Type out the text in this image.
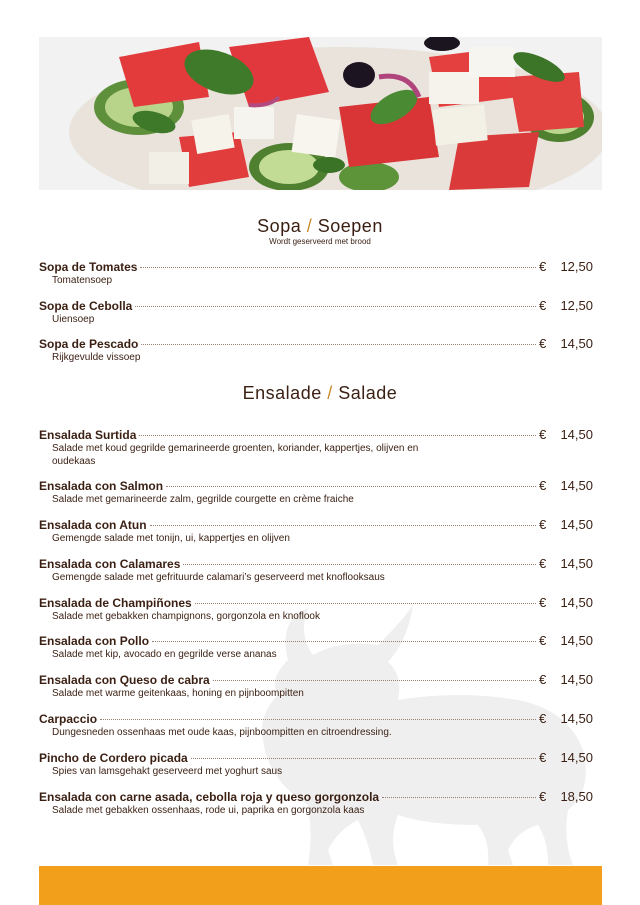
Sopa / Soepen
Wordt geserveerd met brood
Sopa de Tomates	€	12,50
Tomatensoep
Sopa de Cebolla	€	12,50
Uiensoep
Sopa de Pescado	€	14,50
Rijkgevulde vissoep
Ensalade / Salade
Ensalada Surtida	€	14,50
Salade met koud gegrilde gemarineerde groenten, koriander, kappertjes, olijven en oudekaas
Ensalada con Salmon	€	14,50
Salade met gemarineerde zalm, gegrilde courgette en crème fraiche
Ensalada con Atun	€	14,50
Gemengde salade met tonijn, ui, kappertjes en olijven
Ensalada con Calamares	€	14,50
Gemengde salade met gefrituurde calamari’s geserveerd met knoflooksaus
Ensalada de Champiñones	€	14,50
Salade met gebakken champignons, gorgonzola en knoflook
Ensalada con Pollo	€	14,50
Salade met kip, avocado en gegrilde verse ananas
Ensalada con Queso de cabra	€	14,50
Salade met warme geitenkaas, honing en pijnboompitten
Carpaccio	€	14,50
Dungesneden ossenhaas met oude kaas, pijnboompitten en citroendressing.
Pincho de Cordero picada	€	14,50
Spies van lamsgehakt geserveerd met yoghurt saus
Ensalada con carne asada, cebolla roja y queso gorgonzola	€	18,50
Salade met gebakken ossenhaas, rode ui, paprika en gorgonzola kaas
